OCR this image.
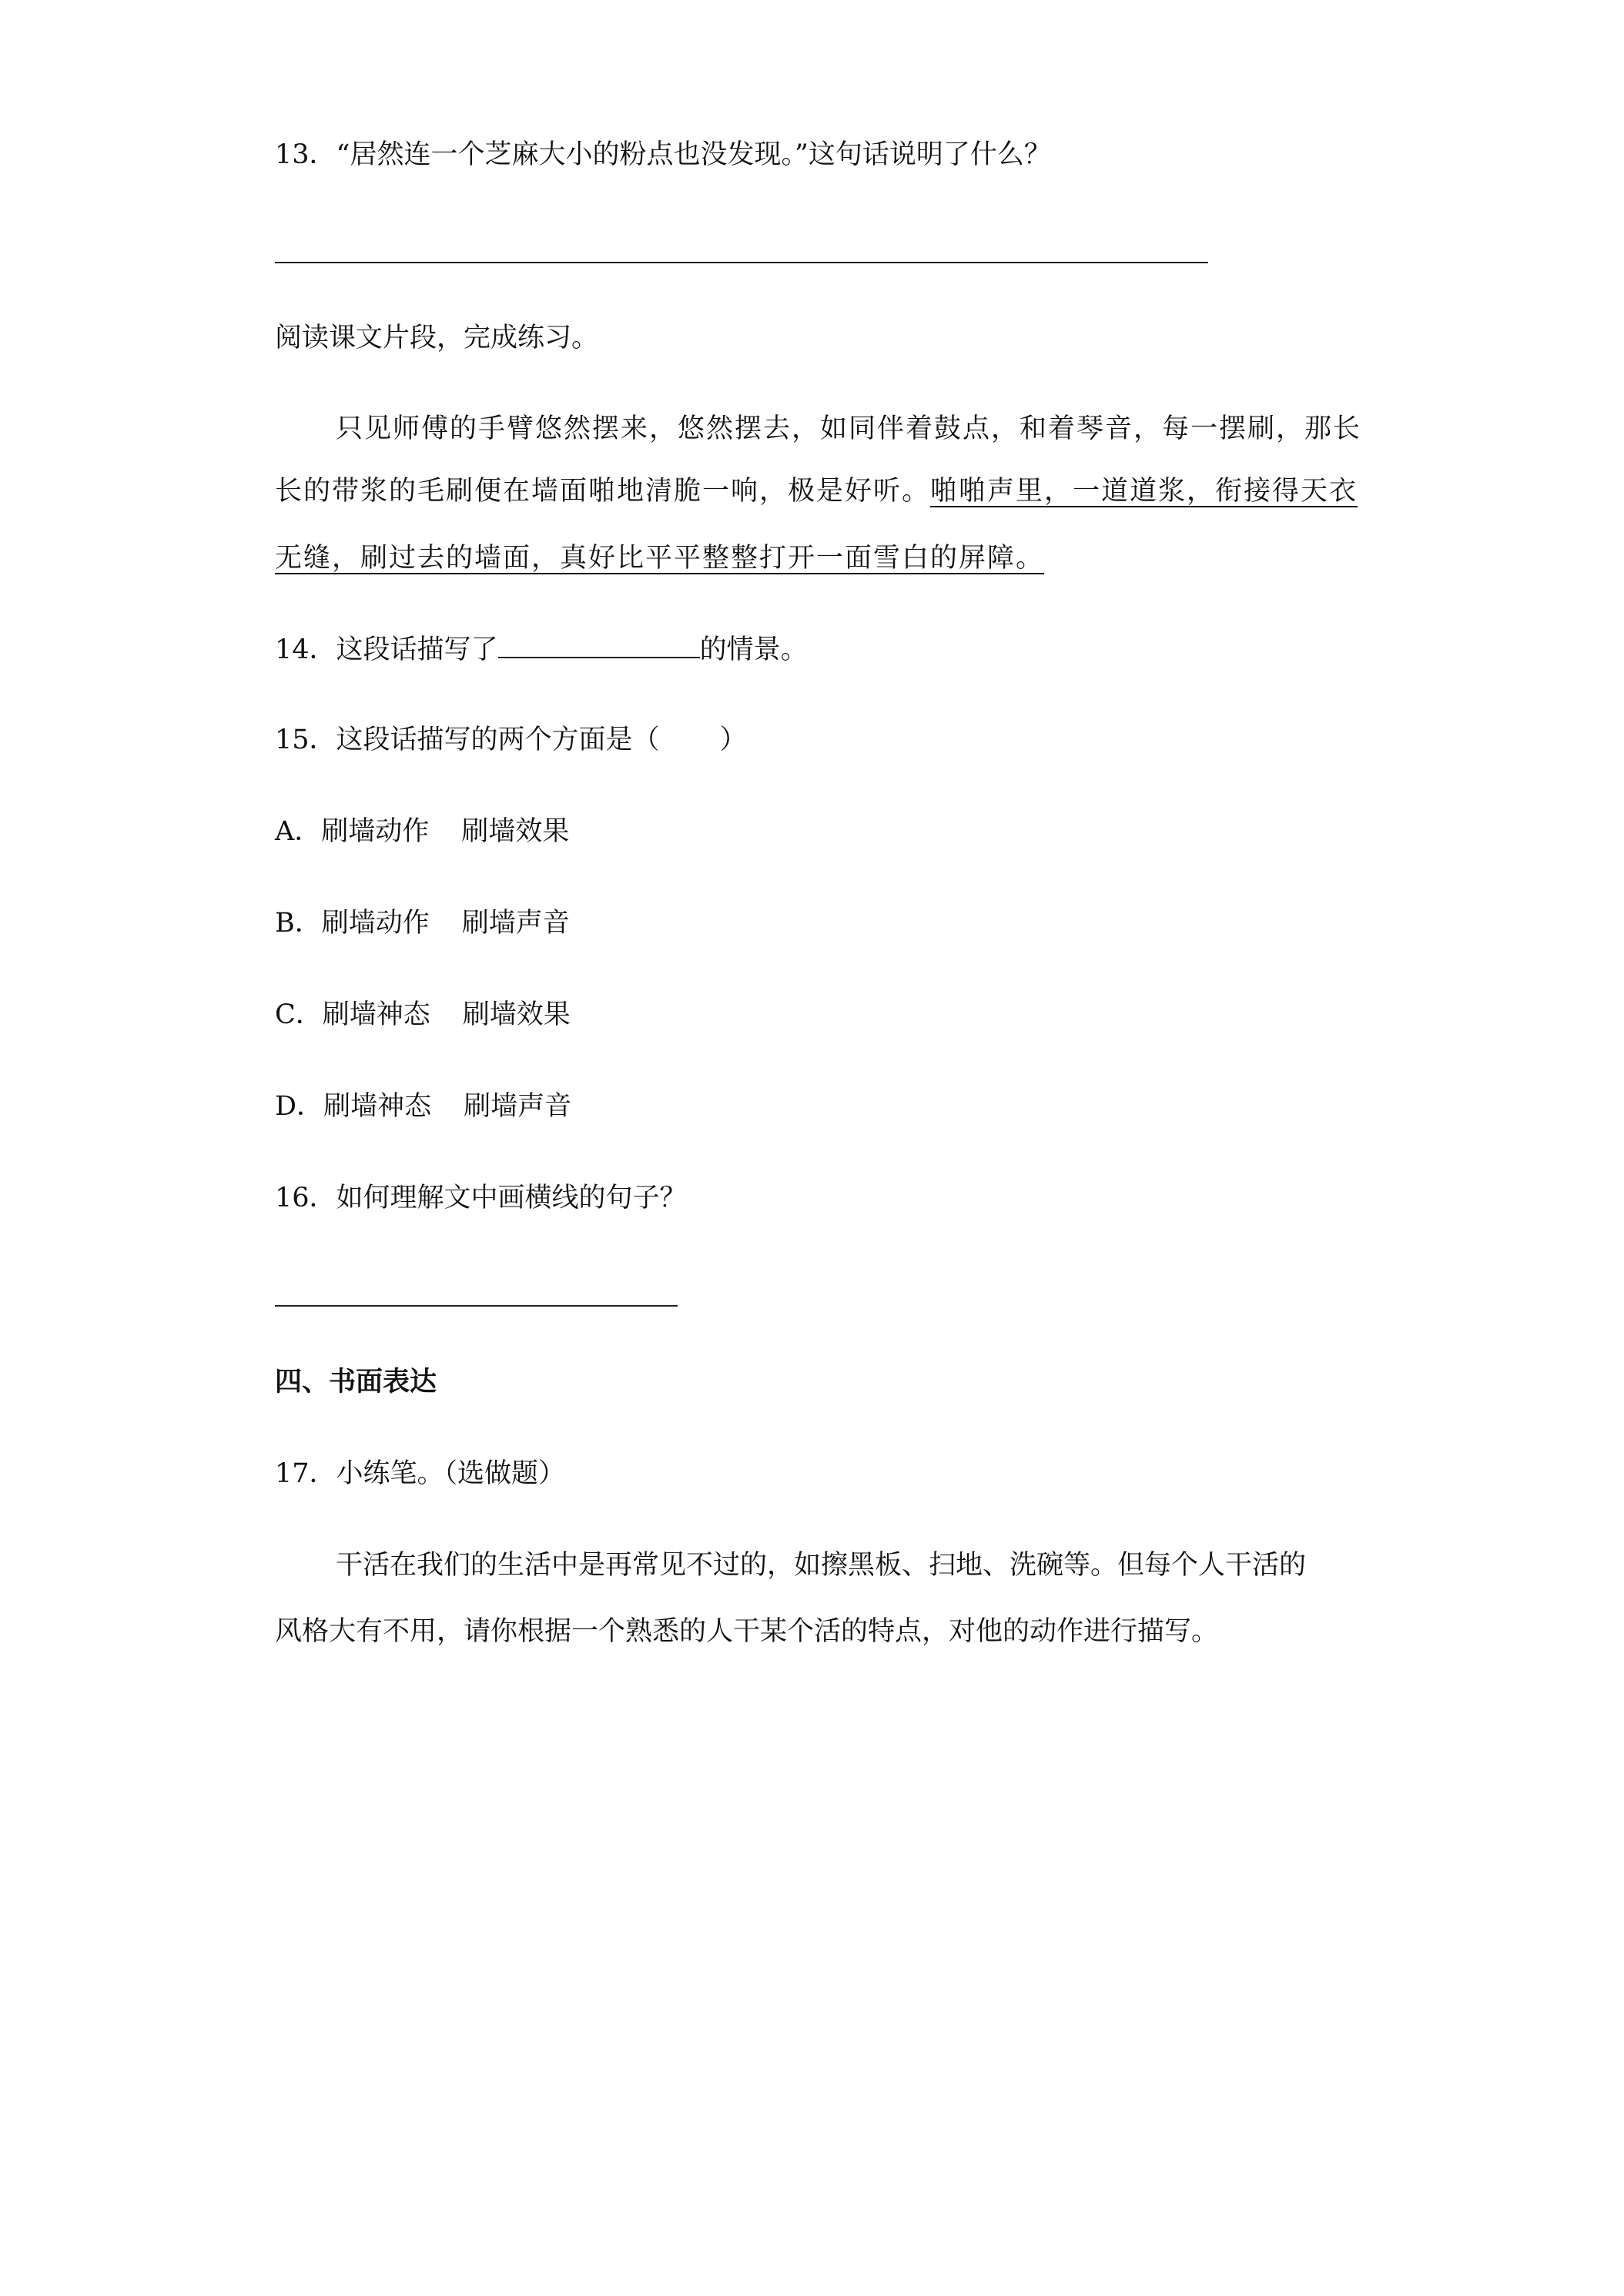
13．“居然连一个芝麻大小的粉点也没发现。”这句话说明了什么？
阅读课文片段，完成练习。
只见师傅的手臂悠然摆来，悠然摆去，如同伴着鼓点，和着琴音，每一摆刷，那长
长的带浆的毛刷便在墙面啪地清脆一响，极是好听。啪啪声里，一道道浆，衔接得天衣
无缝，刷过去的墙面，真好比平平整整打开一面雪白的屏障。
14．这段话描写了	的情景。
15．这段话描写的两个方面是（ ）
A．刷墙动作 刷墙效果
B．刷墙动作 刷墙声音
C．刷墙神态 刷墙效果
D．刷墙神态 刷墙声音
16．如何理解文中画横线的句子？
四、书面表达
17．小练笔。（选做题）
干活在我们的生活中是再常见不过的，如擦黑板、扫地、洗碗等。但每个人干活的
风格大有不用，请你根据一个熟悉的人干某个活的特点，对他的动作进行描写。
